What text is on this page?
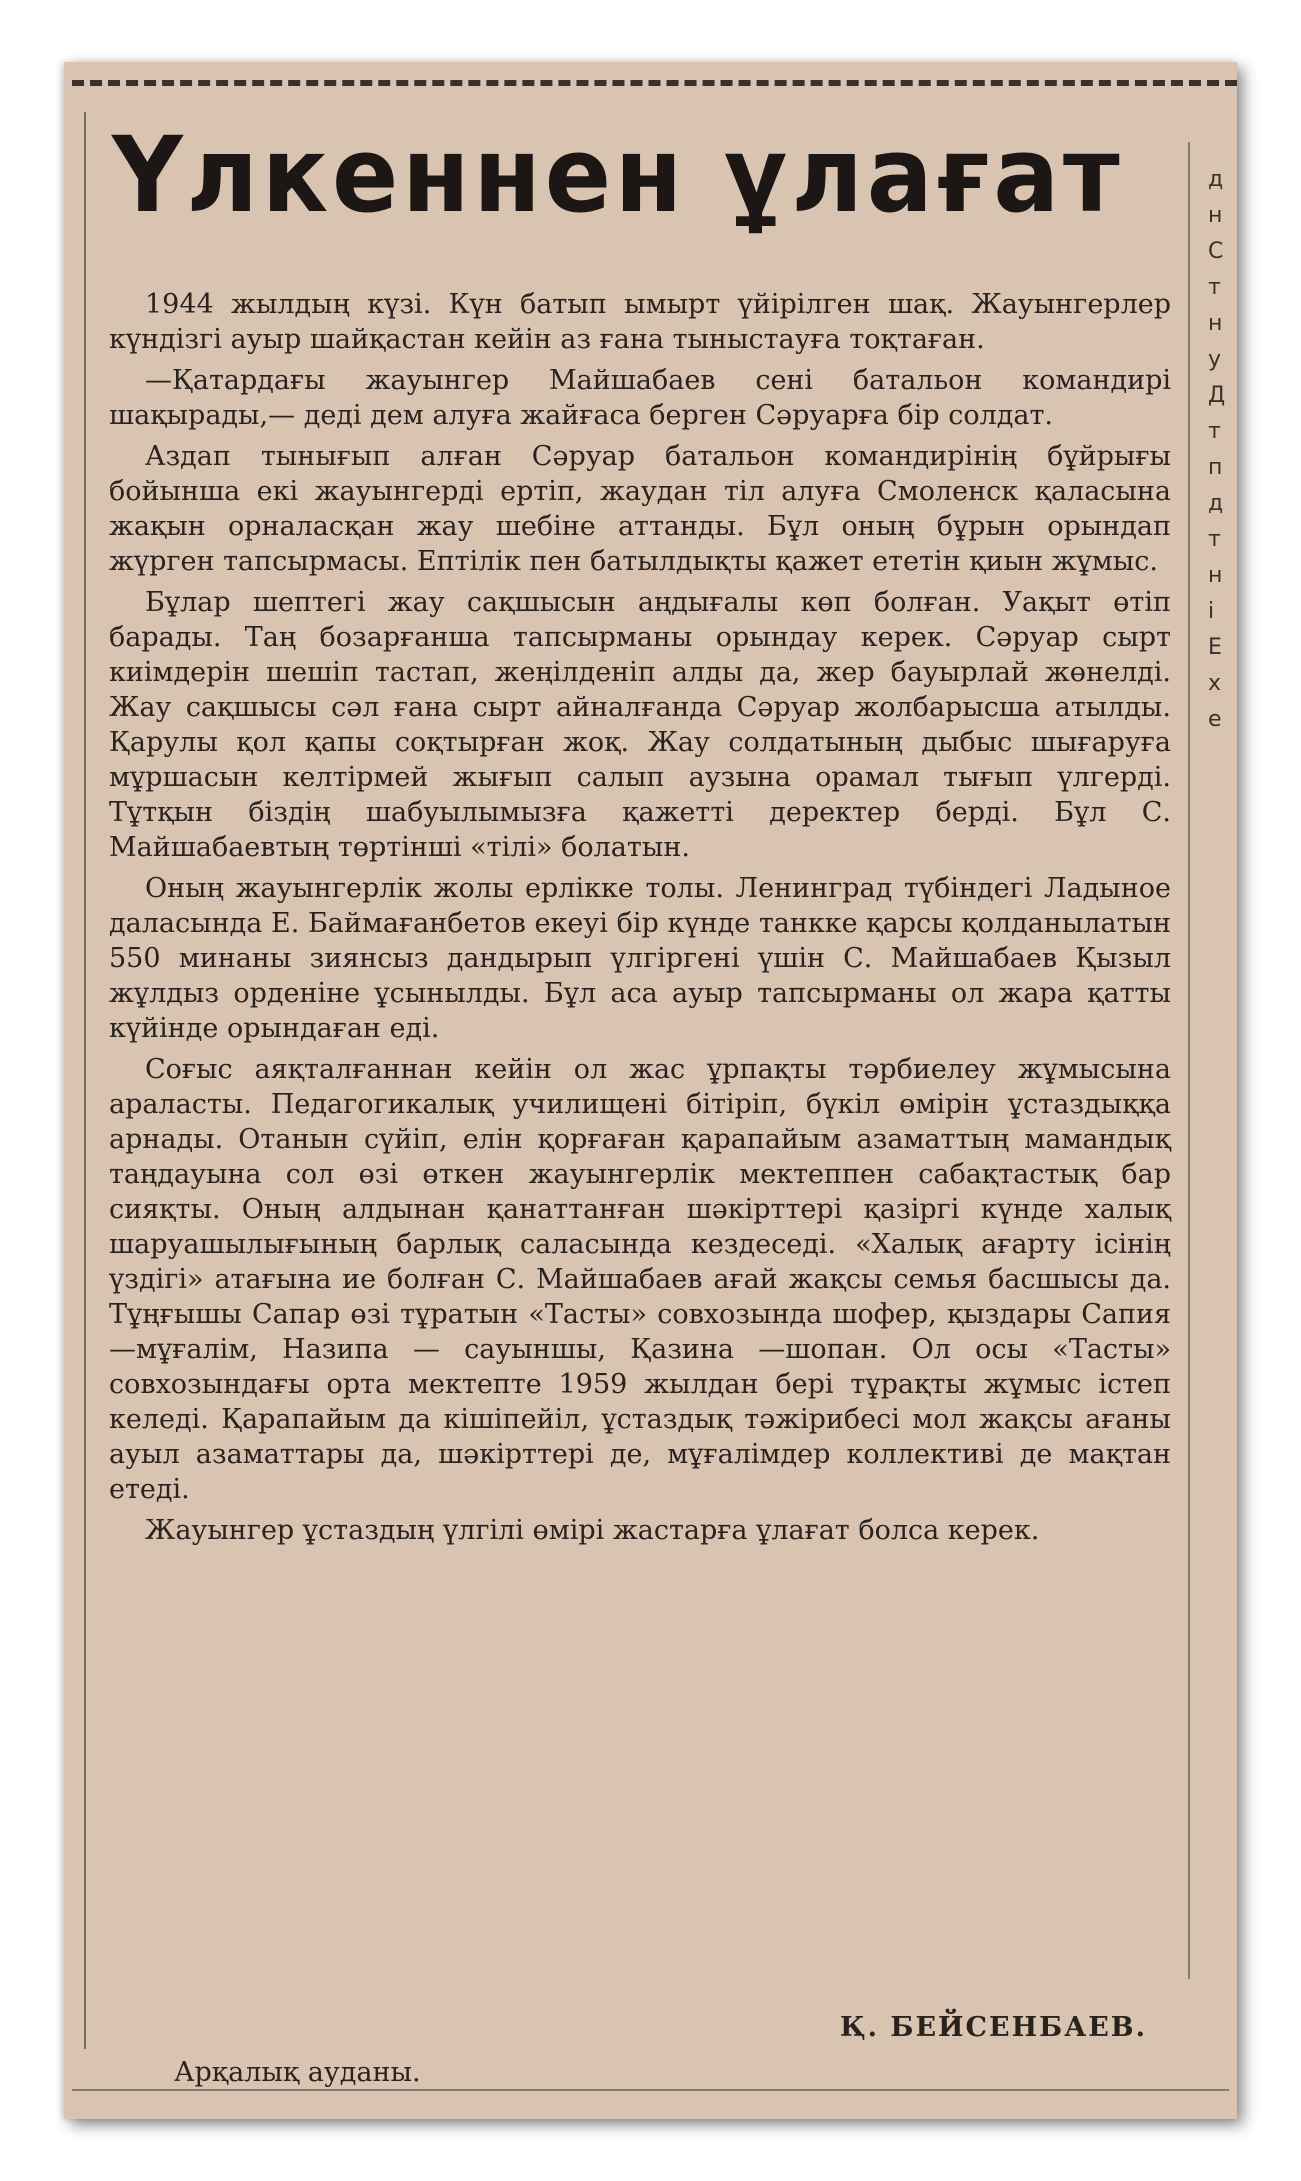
д
н
С
т
н
у
Д
т
п
д
т
н
і
Е
х
е
Үлкеннен ұлағат

1944 жылдың күзі. Күн батып ымырт үйірілген шақ. Жауынгерлер күндізгі ауыр шайқастан кейін аз ғана тыныстауға тоқтаған.

—Қатардағы жауынгер Майшабаев сені батальон командирі шақырады,— деді дем алуға жайғаса берген Сәруарға бір солдат.

Аздап тынығып алған Сәруар батальон командирінің бұйрығы бойынша екі жауынгерді ертіп, жаудан тіл алуға Смоленск қаласына жақын орналасқан жау шебіне аттанды. Бұл оның бұрын орындап жүрген тапсырмасы. Ептілік пен батылдықты қажет ететін қиын жұмыс.

Бұлар шептегі жау сақшысын аңдығалы көп болған. Уақыт өтіп барады. Таң бозарғанша тапсырманы орындау керек. Сәруар сырт киімдерін шешіп тастап, жеңілденіп алды да, жер бауырлай жөнелді. Жау сақшысы сәл ғана сырт айналғанда Сәруар жолбарысша атылды. Қарулы қол қапы соқтырған жоқ. Жау солдатының дыбыс шығаруға мұршасын келтірмей жығып салып аузына орамал тығып үлгерді. Тұтқын біздің шабуылымызға қажетті деректер берді. Бұл С. Майшабаевтың төртінші «тілі» болатын.

Оның жауынгерлік жолы ерлікке толы. Ленинград түбіндегі Ладыное даласында Е. Баймағанбетов екеуі бір күнде танкке қарсы қолданылатын 550 минаны зиянсыз дандырып үлгіргені үшін С. Майшабаев Қызыл жұлдыз орденіне ұсынылды. Бұл аса ауыр тапсырманы ол жара қатты күйінде орындаған еді.

Соғыс аяқталғаннан кейін ол жас ұрпақты тәрбиелеу жұмысына араласты. Педагогикалық училищені бітіріп, бүкіл өмірін ұстаздыққа арнады. Отанын сүйіп, елін қорғаған қарапайым азаматтың мамандық таңдауына сол өзі өткен жауынгерлік мектеппен сабақтастық бар сияқты. Оның алдынан қанаттанған шәкірттері қазіргі күнде халық шаруашылығының барлық саласында кездеседі. «Халық ағарту ісінің үздігі» атағына ие болған С. Майшабаев ағай жақсы семья басшысы да. Тұңғышы Сапар өзі тұратын «Тасты» совхозында шофер, қыздары Сапия —мұғалім, Назипа — сауыншы, Қазина —шопан. Ол осы «Тасты» совхозындағы орта мектепте 1959 жылдан бері тұрақты жұмыс істеп келеді. Қарапайым да кішіпейіл, ұстаздық тәжірибесі мол жақсы ағаны ауыл азаматтары да, шәкірттері де, мұғалімдер коллективі де мақтан етеді.

Жауынгер ұстаздың үлгілі өмірі жастарға ұлағат болса керек.

Қ. БЕЙСЕНБАЕВ.
Арқалық ауданы.
